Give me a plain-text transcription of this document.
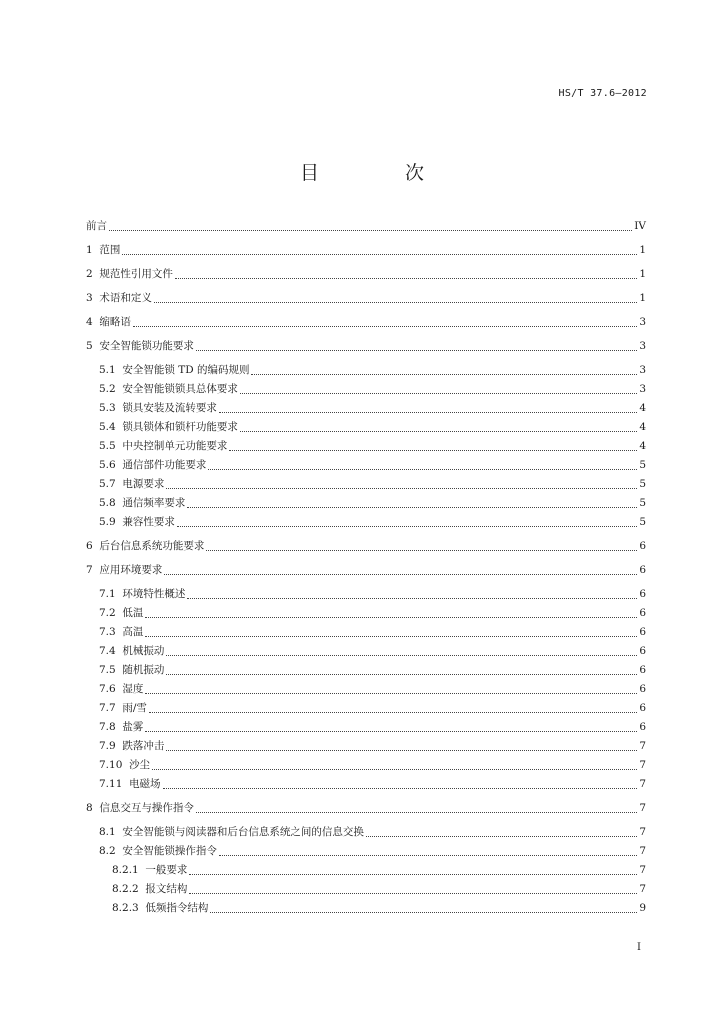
HS/T 37.6—2012
目 次
前言	IV
1 范围	1
2 规范性引用文件	1
3 术语和定义	1
4 缩略语	3
5 安全智能锁功能要求	3
5.1 安全智能锁 TD 的编码规则	3
5.2 安全智能锁锁具总体要求	3
5.3 锁具安装及流转要求	4
5.4 锁具锁体和锁杆功能要求	4
5.5 中央控制单元功能要求	4
5.6 通信部件功能要求	5
5.7 电源要求	5
5.8 通信频率要求	5
5.9 兼容性要求	5
6 后台信息系统功能要求	6
7 应用环境要求	6
7.1 环境特性概述	6
7.2 低温	6
7.3 高温	6
7.4 机械振动	6
7.5 随机振动	6
7.6 湿度	6
7.7 雨/雪	6
7.8 盐雾	6
7.9 跌落冲击	7
7.10 沙尘	7
7.11 电磁场	7
8 信息交互与操作指令	7
8.1 安全智能锁与阅读器和后台信息系统之间的信息交换	7
8.2 安全智能锁操作指令	7
8.2.1 一般要求	7
8.2.2 报文结构	7
8.2.3 低频指令结构	9
I
